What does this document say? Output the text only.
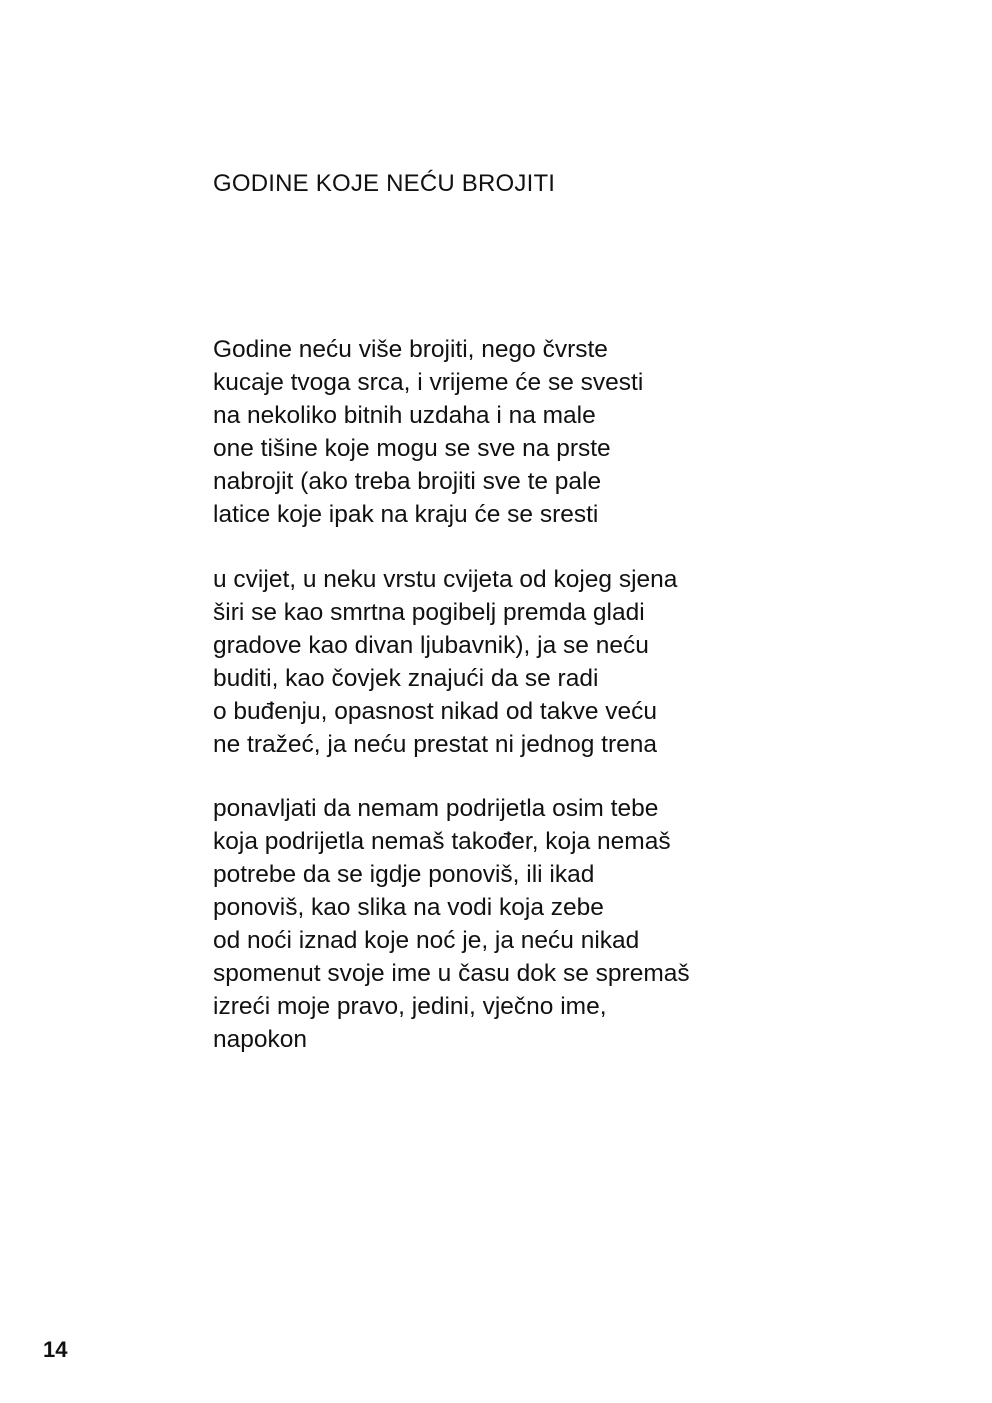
GODINE KOJE NEĆU BROJITI

Godine neću više brojiti, nego čvrste
kucaje tvoga srca, i vrijeme će se svesti
na nekoliko bitnih uzdaha i na male
one tišine koje mogu se sve na prste
nabrojit (ako treba brojiti sve te pale
latice koje ipak na kraju će se sresti

u cvijet, u neku vrstu cvijeta od kojeg sjena
širi se kao smrtna pogibelj premda gladi
gradove kao divan ljubavnik), ja se neću
buditi, kao čovjek znajući da se radi
o buđenju, opasnost nikad od takve veću
ne tražeć, ja neću prestat ni jednog trena

ponavljati da nemam podrijetla osim tebe
koja podrijetla nemaš također, koja nemaš
potrebe da se igdje ponoviš, ili ikad
ponoviš, kao slika na vodi koja zebe
od noći iznad koje noć je, ja neću nikad
spomenut svoje ime u času dok se spremaš
izreći moje pravo, jedini, vječno ime,
napokon

14
